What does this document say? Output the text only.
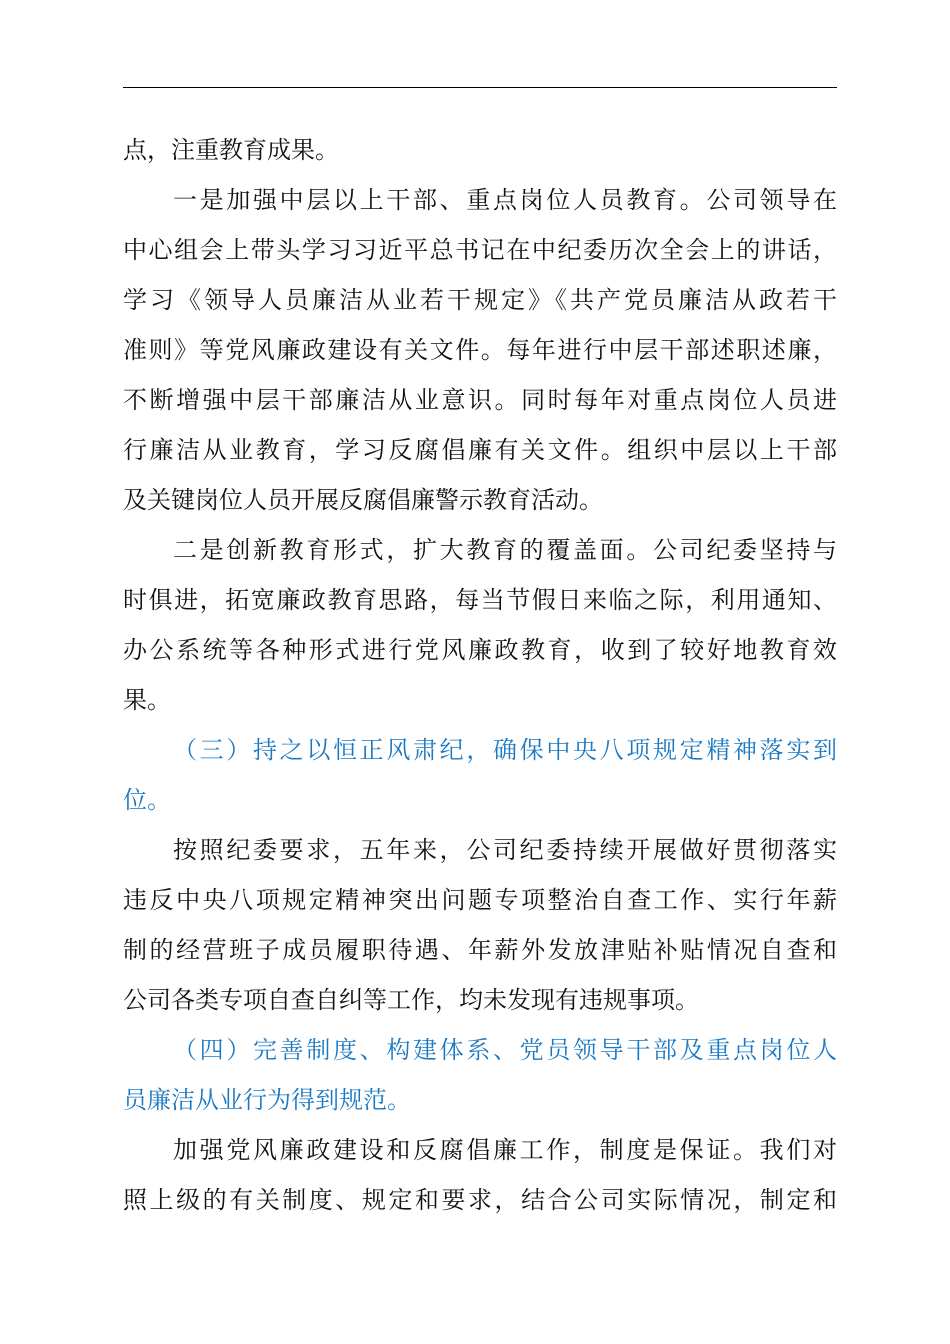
点，注重教育成果。
一是加强中层以上干部、重点岗位人员教育。公司领导在
中心组会上带头学习习近平总书记在中纪委历次全会上的讲话，
学习《领导人员廉洁从业若干规定》《共产党员廉洁从政若干
准则》等党风廉政建设有关文件。每年进行中层干部述职述廉，
不断增强中层干部廉洁从业意识。同时每年对重点岗位人员进
行廉洁从业教育，学习反腐倡廉有关文件。组织中层以上干部
及关键岗位人员开展反腐倡廉警示教育活动。
二是创新教育形式，扩大教育的覆盖面。公司纪委坚持与
时俱进，拓宽廉政教育思路，每当节假日来临之际，利用通知、
办公系统等各种形式进行党风廉政教育，收到了较好地教育效
果。
（三）持之以恒正风肃纪，确保中央八项规定精神落实到
位。
按照纪委要求，五年来，公司纪委持续开展做好贯彻落实
违反中央八项规定精神突出问题专项整治自查工作、实行年薪
制的经营班子成员履职待遇、年薪外发放津贴补贴情况自查和
公司各类专项自查自纠等工作，均未发现有违规事项。
（四）完善制度、构建体系、党员领导干部及重点岗位人
员廉洁从业行为得到规范。
加强党风廉政建设和反腐倡廉工作，制度是保证。我们对
照上级的有关制度、规定和要求，结合公司实际情况，制定和
